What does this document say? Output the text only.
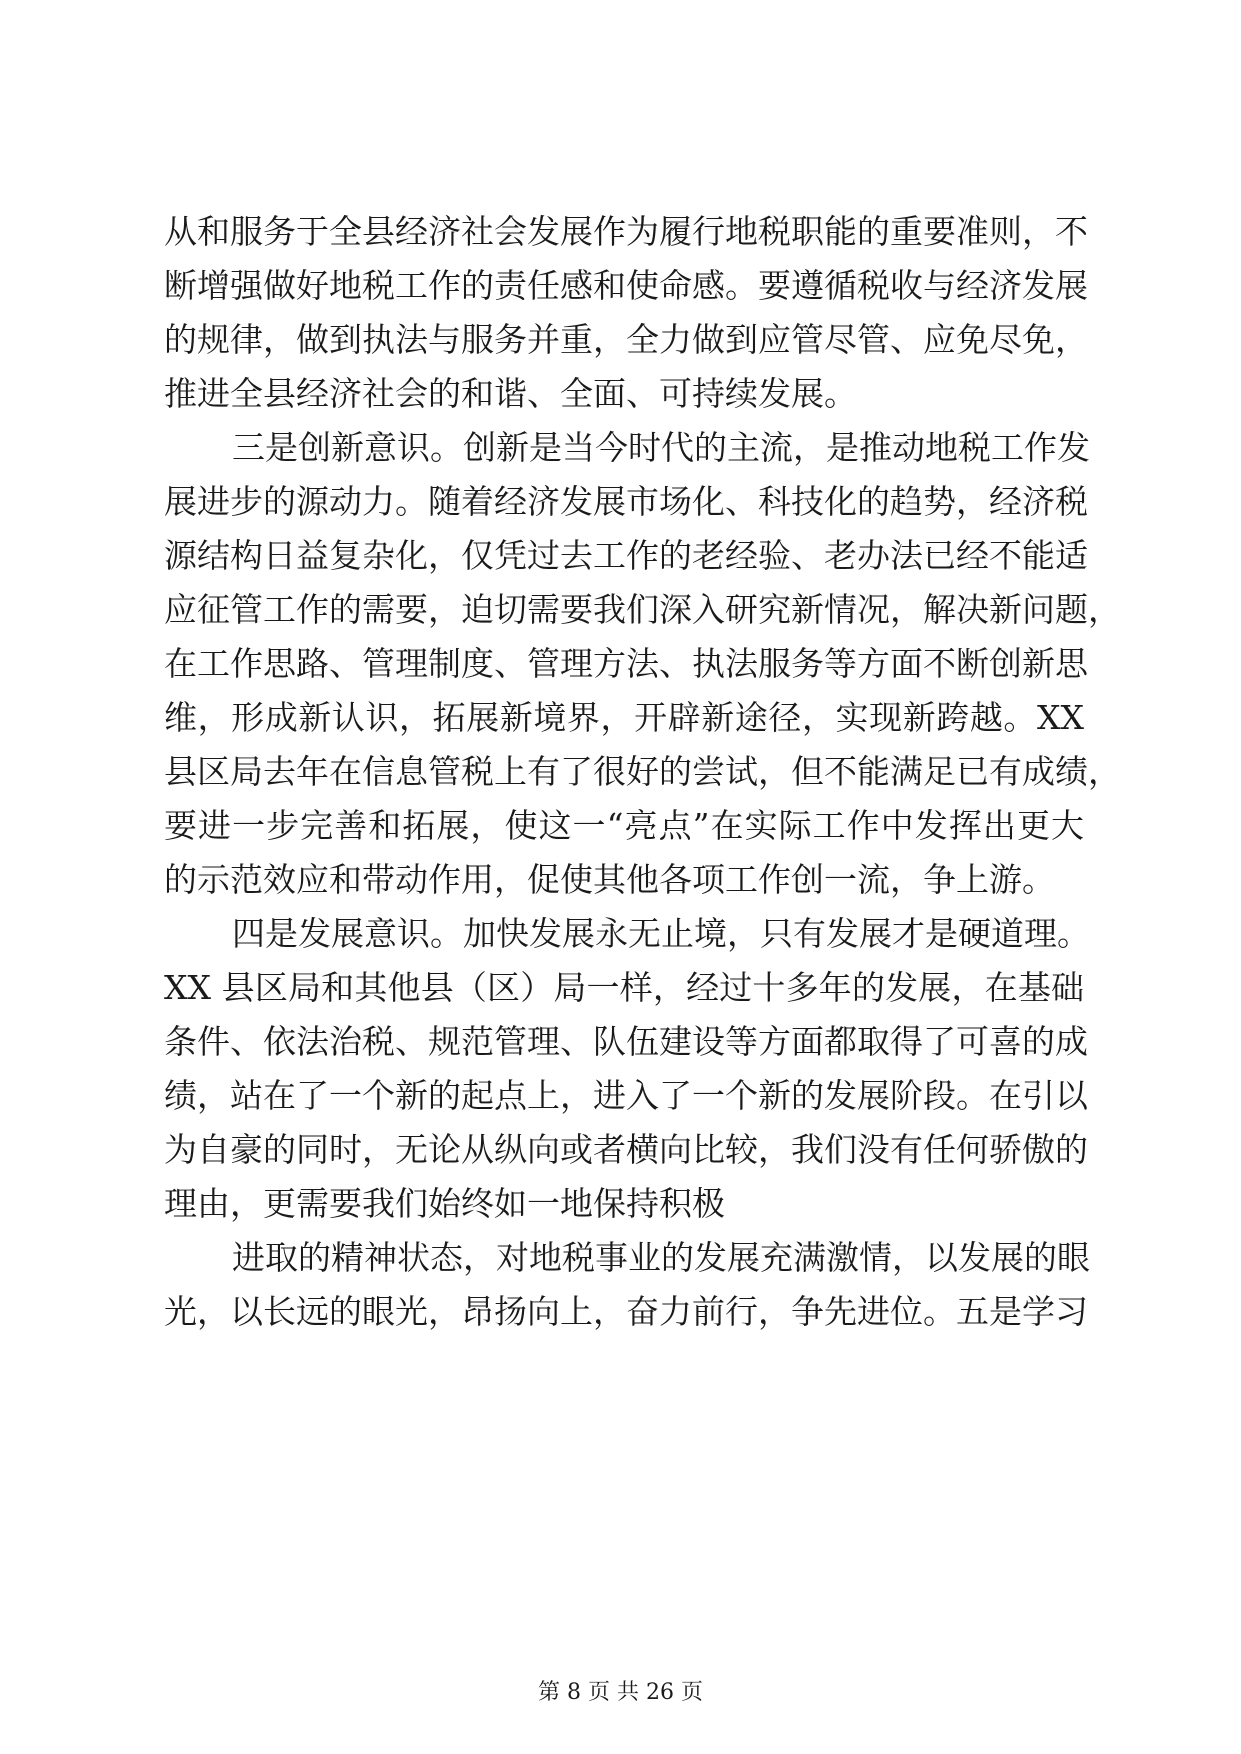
从和服务于全县经济社会发展作为履行地税职能的重要准则，不
断增强做好地税工作的责任感和使命感。要遵循税收与经济发展
的规律，做到执法与服务并重，全力做到应管尽管、应免尽免，
推进全县经济社会的和谐、全面、可持续发展。
三是创新意识。创新是当今时代的主流，是推动地税工作发
展进步的源动力。随着经济发展市场化、科技化的趋势，经济税
源结构日益复杂化，仅凭过去工作的老经验、老办法已经不能适
应征管工作的需要，迫切需要我们深入研究新情况，解决新问题，
在工作思路、管理制度、管理方法、执法服务等方面不断创新思
维，形成新认识，拓展新境界，开辟新途径，实现新跨越。XX
县区局去年在信息管税上有了很好的尝试，但不能满足已有成绩，
要进一步完善和拓展，使这一“亮点”在实际工作中发挥出更大
的示范效应和带动作用，促使其他各项工作创一流，争上游。
四是发展意识。加快发展永无止境，只有发展才是硬道理。
XX 县区局和其他县（区）局一样，经过十多年的发展，在基础
条件、依法治税、规范管理、队伍建设等方面都取得了可喜的成
绩，站在了一个新的起点上，进入了一个新的发展阶段。在引以
为自豪的同时，无论从纵向或者横向比较，我们没有任何骄傲的
理由，更需要我们始终如一地保持积极
进取的精神状态，对地税事业的发展充满激情，以发展的眼
光，以长远的眼光，昂扬向上，奋力前行，争先进位。五是学习
第 8 页 共 26 页
